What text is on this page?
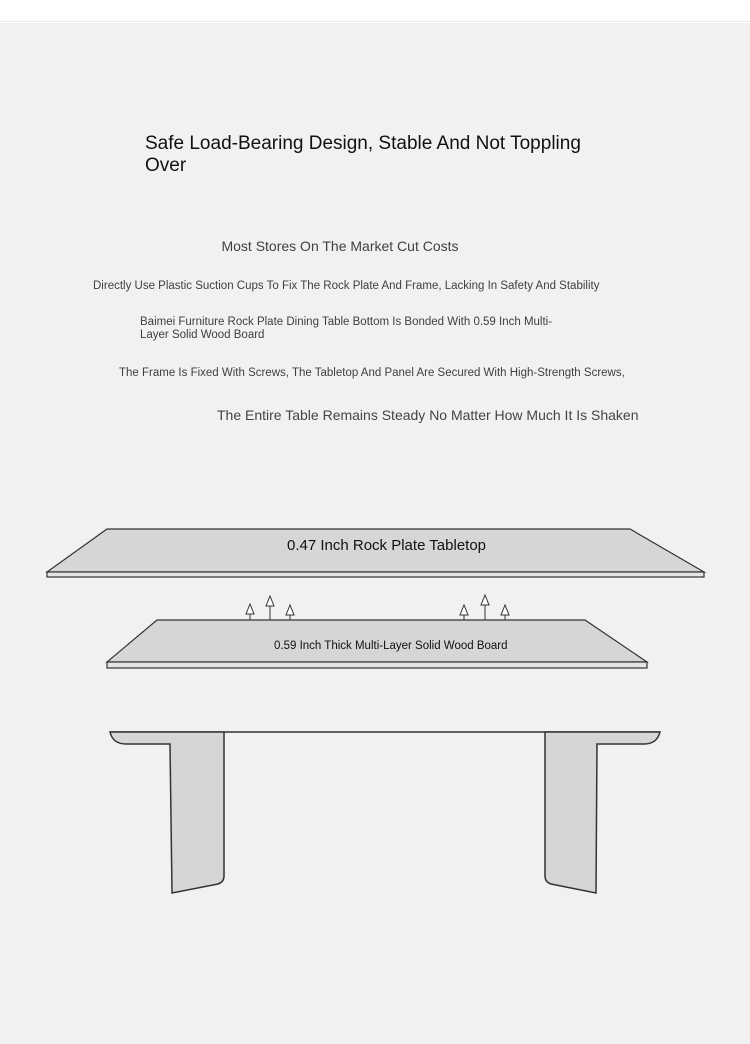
Safe Load-Bearing Design, Stable And Not Toppling Over
Most Stores On The Market Cut Costs
Directly Use Plastic Suction Cups To Fix The Rock Plate And Frame, Lacking In Safety And Stability
Baimei Furniture Rock Plate Dining Table Bottom Is Bonded With 0.59 Inch Multi-Layer Solid Wood Board
The Frame Is Fixed With Screws, The Tabletop And Panel Are Secured With High-Strength Screws,
The Entire Table Remains Steady No Matter How Much It Is Shaken
0.47 Inch Rock Plate Tabletop
0.59 Inch Thick Multi-Layer Solid Wood Board
